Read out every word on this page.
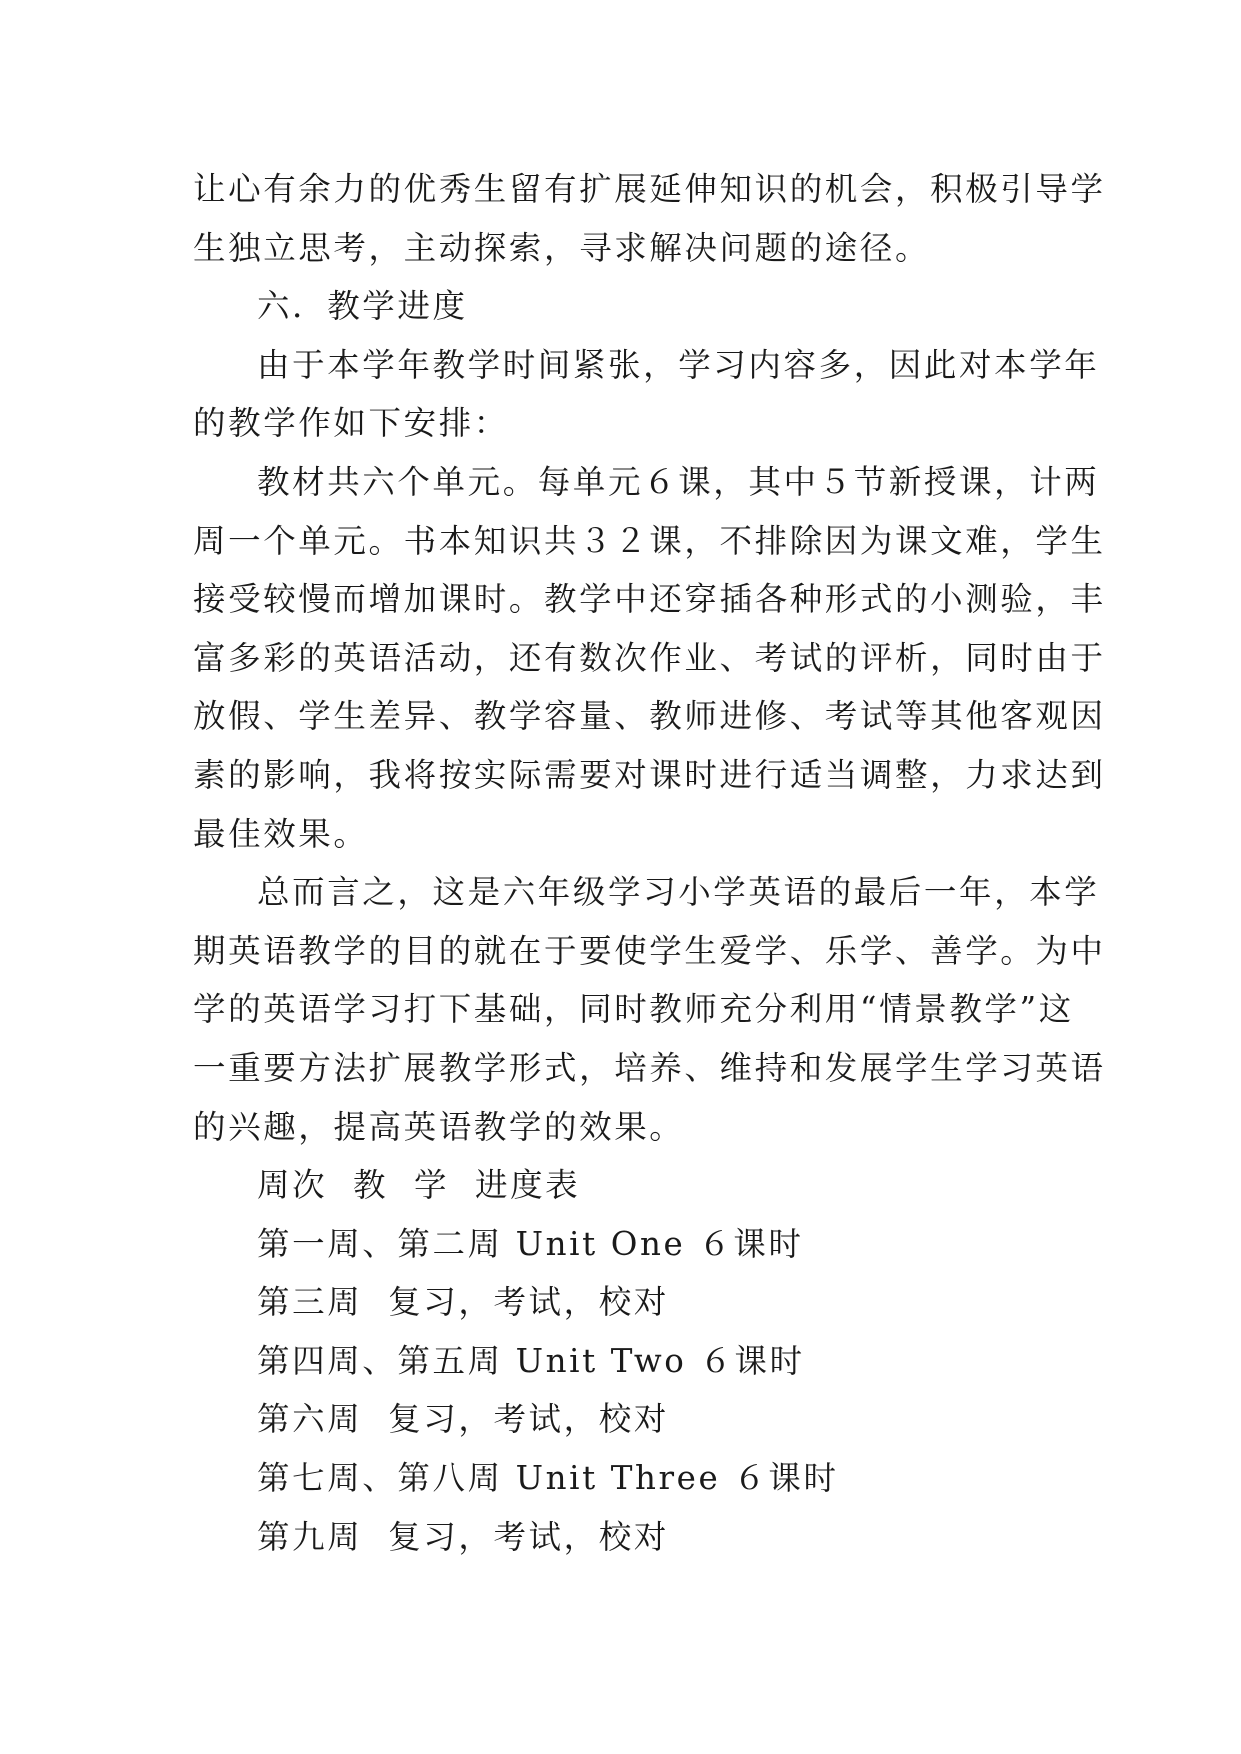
让心有余力的优秀生留有扩展延伸知识的机会，积极引导学
生独立思考，主动探索，寻求解决问题的途径。
六．教学进度
由于本学年教学时间紧张，学习内容多，因此对本学年
的教学作如下安排：
教材共六个单元。每单元６课，其中５节新授课，计两
周一个单元。书本知识共３２课，不排除因为课文难，学生
接受较慢而增加课时。教学中还穿插各种形式的小测验，丰
富多彩的英语活动，还有数次作业、考试的评析，同时由于
放假、学生差异、教学容量、教师进修、考试等其他客观因
素的影响，我将按实际需要对课时进行适当调整，力求达到
最佳效果。
总而言之，这是六年级学习小学英语的最后一年，本学
期英语教学的目的就在于要使学生爱学、乐学、善学。为中
学的英语学习打下基础，同时教师充分利用“情景教学”这
一重要方法扩展教学形式，培养、维持和发展学生学习英语
的兴趣，提高英语教学的效果。
周次  教  学  进度表
第一周、第二周 Unit One ６课时
第三周  复习，考试，校对
第四周、第五周 Unit Two ６课时
第六周  复习，考试，校对
第七周、第八周 Unit Three ６课时
第九周  复习，考试，校对
